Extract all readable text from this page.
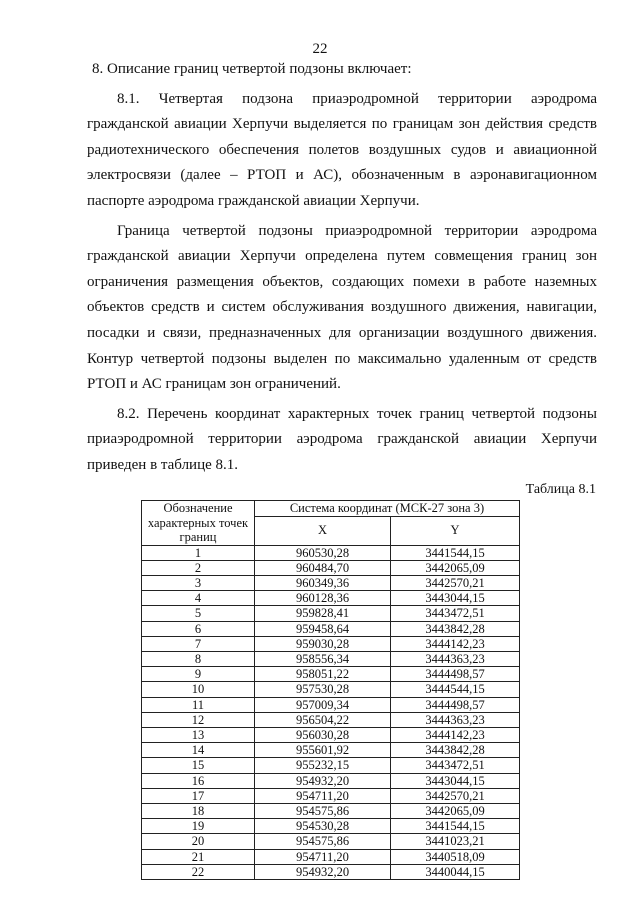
22

8. Описание границ четвертой подзоны включает:

8.1. Четвертая подзона приаэродромной территории аэродрома гражданской авиации Херпучи выделяется по границам зон действия средств радиотехнического обеспечения полетов воздушных судов и авиационной электросвязи (далее – РТОП и АС), обозначенным в аэронавигационном паспорте аэродрома гражданской авиации Херпучи.

Граница четвертой подзоны приаэродромной территории аэродрома гражданской авиации Херпучи определена путем совмещения границ зон ограничения размещения объектов, создающих помехи в работе наземных объектов средств и систем обслуживания воздушного движения, навигации, посадки и связи, предназначенных для организации воздушного движения. Контур четвертой подзоны выделен по максимально удаленным от средств РТОП и АС границам зон ограничений.

8.2. Перечень координат характерных точек границ четвертой подзоны приаэродромной территории аэродрома гражданской авиации Херпучи приведен в таблице 8.1.

Таблица 8.1
Обозначение характерных точек границ	Система координат (МСК-27 зона 3)	
	X	Y
1	960530,28	3441544,15
2	960484,70	3442065,09
3	960349,36	3442570,21
4	960128,36	3443044,15
5	959828,41	3443472,51
6	959458,64	3443842,28
7	959030,28	3444142,23
8	958556,34	3444363,23
9	958051,22	3444498,57
10	957530,28	3444544,15
11	957009,34	3444498,57
12	956504,22	3444363,23
13	956030,28	3444142,23
14	955601,92	3443842,28
15	955232,15	3443472,51
16	954932,20	3443044,15
17	954711,20	3442570,21
18	954575,86	3442065,09
19	954530,28	3441544,15
20	954575,86	3441023,21
21	954711,20	3440518,09
22	954932,20	3440044,15
